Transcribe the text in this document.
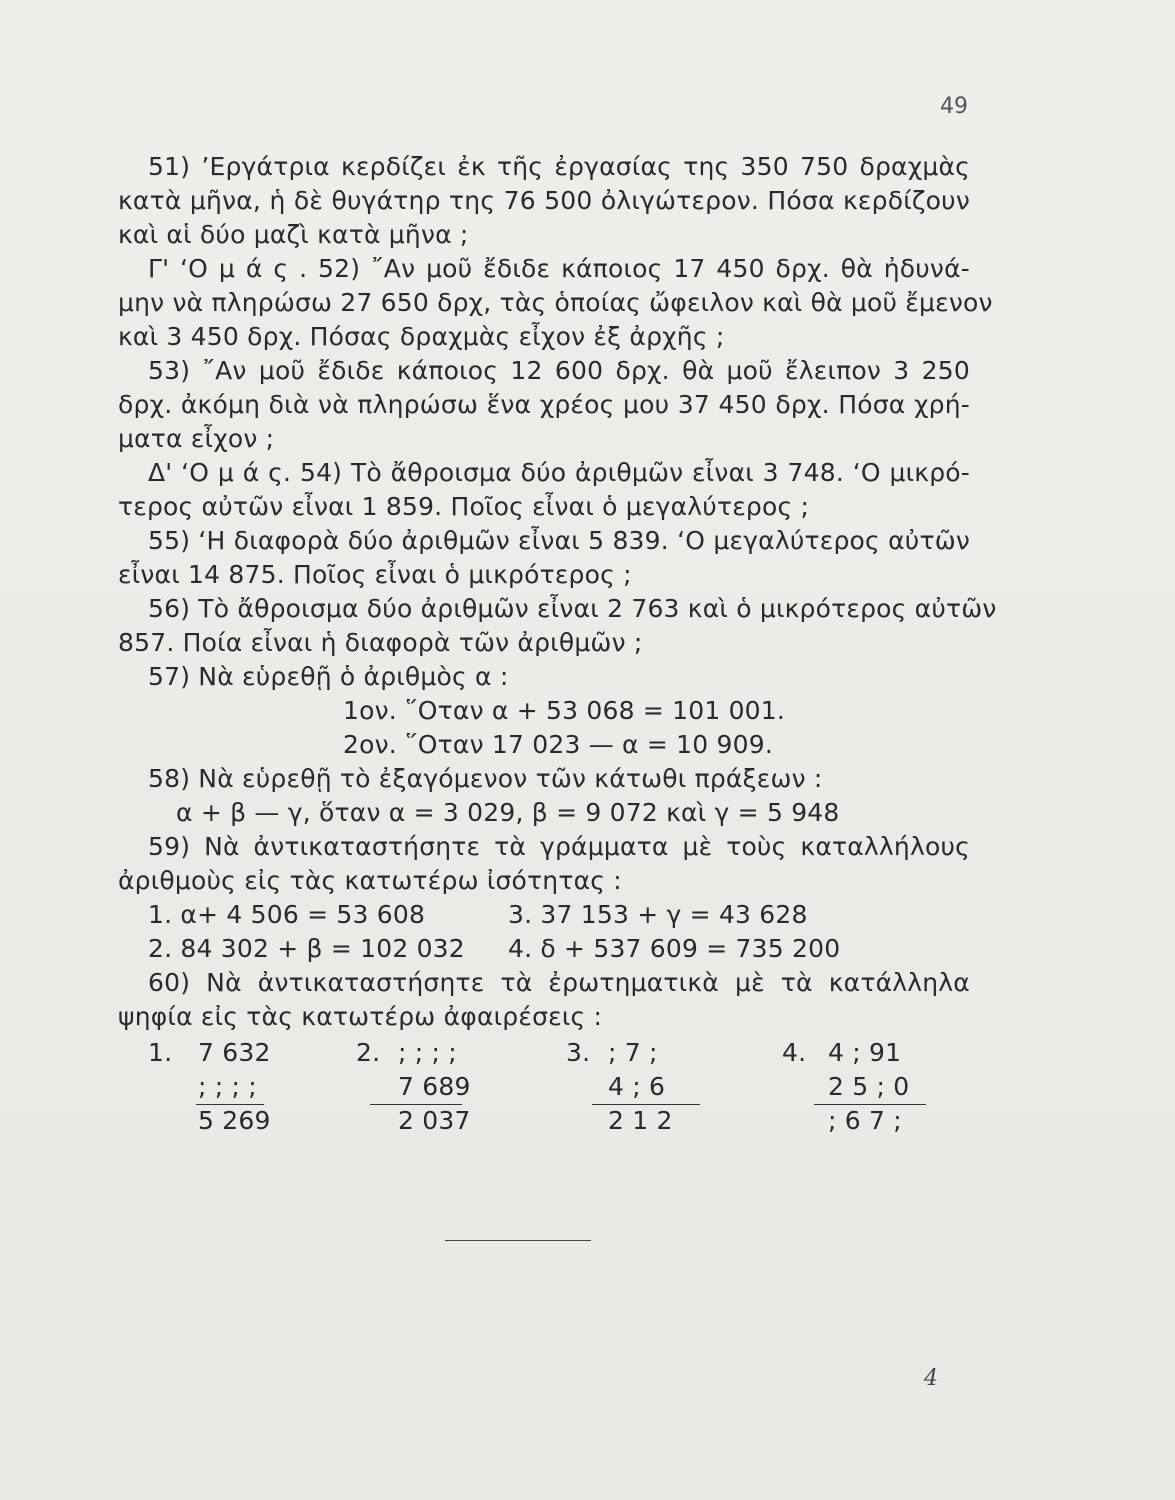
49
51) ’Εργάτρια κερδίζει ἐκ τῆς ἐργασίας της 350 750 δραχμὰς
κατὰ μῆνα, ἡ δὲ θυγάτηρ της 76 500 ὀλιγώτερον. Πόσα κερδίζουν
καὶ αἱ δύο μαζὶ κατὰ μῆνα ;
Γ' ‘Ο μ ά ς . 52) ῎Αν μοῦ ἔδιδε κάποιος 17 450 δρχ. θὰ ἠδυνά-
μην νὰ πληρώσω 27 650 δρχ, τὰς ὁποίας ὤφειλον καὶ θὰ μοῦ ἔμενον
καὶ 3 450 δρχ. Πόσας δραχμὰς εἶχον ἐξ ἀρχῆς ;
53) ῎Αν μοῦ ἔδιδε κάποιος 12 600 δρχ. θὰ μοῦ ἔλειπον 3 250
δρχ. ἀκόμη διὰ νὰ πληρώσω ἕνα χρέος μου 37 450 δρχ. Πόσα χρή-
ματα εἶχον ;
Δ' ‘Ο μ ά ς. 54) Τὸ ἄθροισμα δύο ἀριθμῶν εἶναι 3 748. ‘Ο μικρό-
τερος αὐτῶν εἶναι 1 859. Ποῖος εἶναι ὁ μεγαλύτερος ;
55) ‘Η διαφορὰ δύο ἀριθμῶν εἶναι 5 839. ‘Ο μεγαλύτερος αὐτῶν
εἶναι 14 875. Ποῖος εἶναι ὁ μικρότερος ;
56) Τὸ ἄθροισμα δύο ἀριθμῶν εἶναι 2 763 καὶ ὁ μικρότερος αὐτῶν
857. Ποία εἶναι ἡ διαφορὰ τῶν ἀριθμῶν ;
57) Νὰ εὑρεθῇ ὁ ἀριθμὸς α :
1ον. ῞Οταν α + 53 068 = 101 001.
2ον. ῞Οταν 17 023 — α = 10 909.
58) Νὰ εὑρεθῇ τὸ ἐξαγόμενον τῶν κάτωθι πράξεων :
α + β — γ, ὅταν α = 3 029, β = 9 072 καὶ γ = 5 948
59) Νὰ ἀντικαταστήσητε τὰ γράμματα μὲ τοὺς καταλλήλους
ἀριθμοὺς εἰς τὰς κατωτέρω ἰσότητας :
1. α+ 4 506 = 53 608	3. 37 153 + γ = 43 628
2. 84 302 + β = 102 032 4. δ + 537 609 = 735 200
60) Νὰ ἀντικαταστήσητε τὰ ἐρωτηματικὰ μὲ τὰ κατάλληλα
ψηφία εἰς τὰς κατωτέρω ἀφαιρέσεις :
1. 7 632
; ; ; ;
5 269
2. ; ; ; ;
7 689
2 037
3. ; 7 ;
4 ; 6
2 1 2
4. 4 ; 91
2 5 ; 0
; 6 7 ;
4
